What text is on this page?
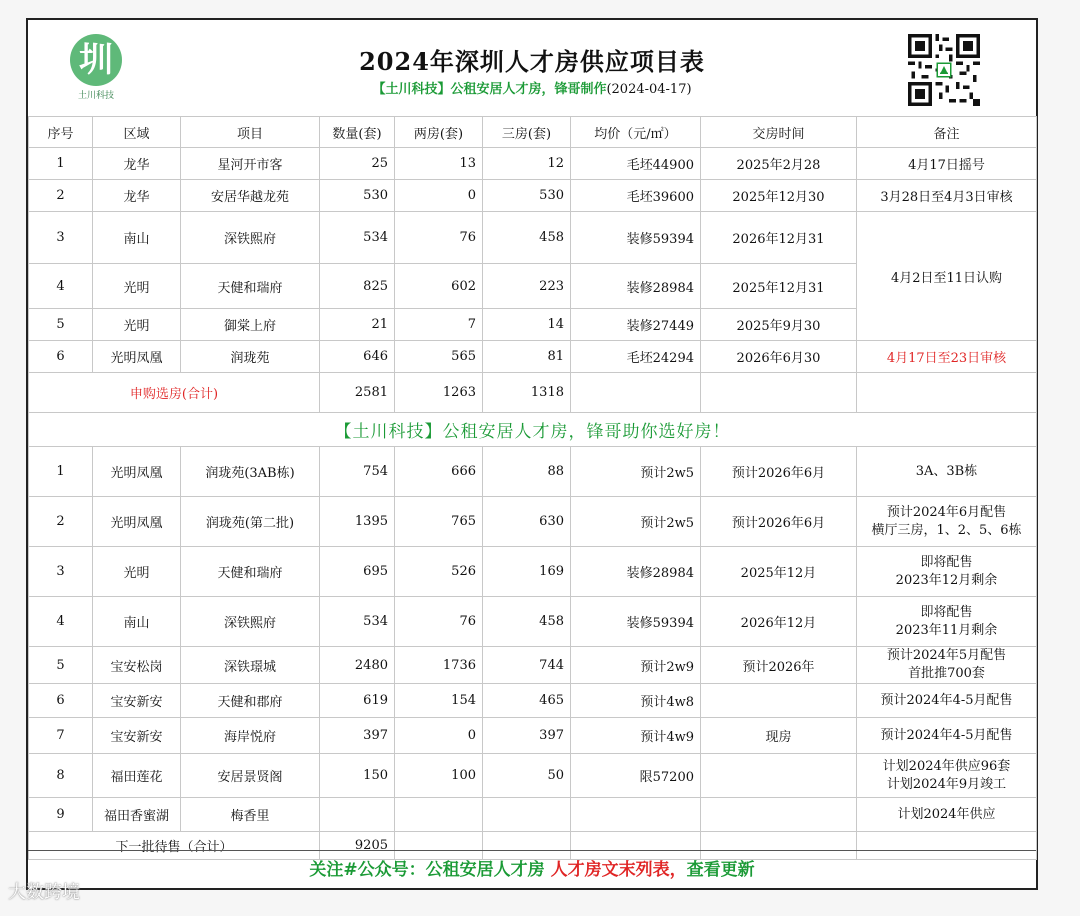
圳
土川科技
2024年深圳人才房供应项目表
【土川科技】公租安居人才房，锋哥制作(2024-04-17)
序号	区域	项目	数量(套)	两房(套)	三房(套)	均价（元/㎡）	交房时间	备注
1	龙华	星河开市客	25	13	12	毛坯44900	2025年2月28	4月17日摇号
2	龙华	安居华越龙苑	530	0	530	毛坯39600	2025年12月30	3月28日至4月3日审核
3	南山	深铁熙府	534	76	458	装修59394	2026年12月31	4月2日至11日认购
4	光明	天健和瑞府	825	602	223	装修28984	2025年12月31	
5	光明	御棠上府	21	7	14	装修27449	2025年9月30	
6	光明凤凰	润珑苑	646	565	81	毛坯24294	2026年6月30	4月17日至23日审核
申购选房(合计)			2581	1263	1318			
【土川科技】公租安居人才房，锋哥助你选好房！								
1	光明凤凰	润珑苑(3AB栋)	754	666	88	预计2w5	预计2026年6月	3A、3B栋

2	光明凤凰	润珑苑(第二批)	1395	765	630	预计2w5	预计2026年6月	预计2024年6月配售
横厅三房，1、2、5、6栋

3	光明	天健和瑞府	695	526	169	装修28984	2025年12月	即将配售
2023年12月剩余

4	南山	深铁熙府	534	76	458	装修59394	2026年12月	即将配售
2023年11月剩余

5	宝安松岗	深铁璟城	2480	1736	744	预计2w9	预计2026年	预计2024年5月配售
首批推700套

6	宝安新安	天健和郡府	619	154	465	预计4w8		预计2024年4-5月配售

7	宝安新安	海岸悦府	397	0	397	预计4w9	现房	预计2024年4-5月配售

8	福田莲花	安居景贤阁	150	100	50	限57200		计划2024年供应96套
计划2024年9月竣工

9	福田香蜜湖	梅香里						计划2024年供应

下一批待售（合计）			9205					
关注#公众号：公租安居人才房 人才房文末列表，查看更新
大数跨境
